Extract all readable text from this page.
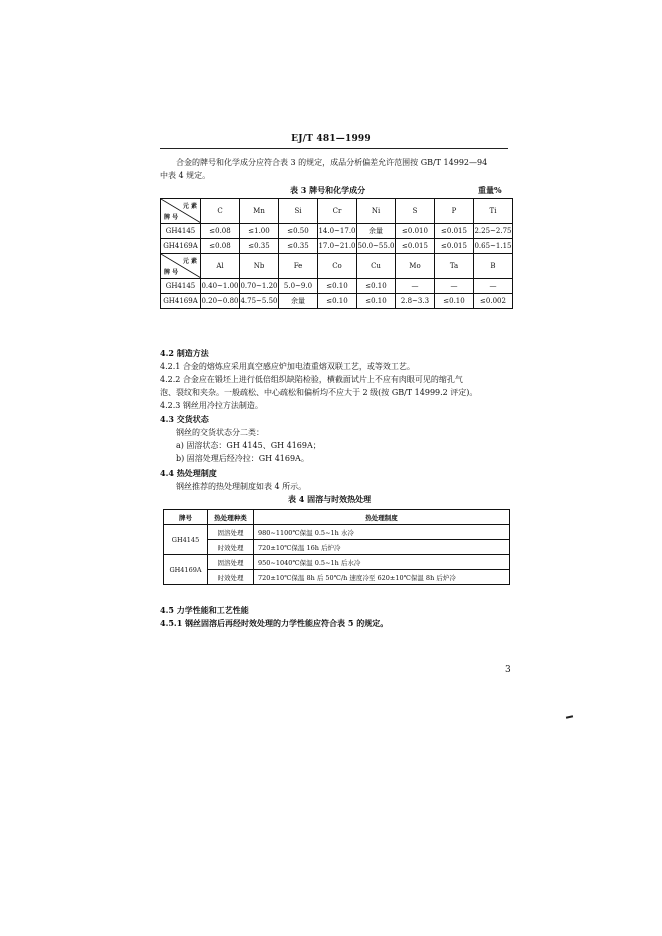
EJ/T 481—1999
合金的牌号和化学成分应符合表 3 的规定，成品分析偏差允许范围按 GB/T 14992—94
中表 4 规定。
表 3 牌号和化学成分	重量%
元 素
牌 号	C	Mn	Si	Cr	Ni	S	P	Ti
GH4145	≤0.08	≤1.00	≤0.50	14.0~17.0	余量	≤0.010	≤0.015	2.25~2.75
GH4169A	≤0.08	≤0.35	≤0.35	17.0~21.0	50.0~55.0	≤0.015	≤0.015	0.65~1.15

元 素
牌 号	Al	Nb	Fe	Co	Cu	Mo	Ta	B
GH4145	0.40~1.00	0.70~1.20	5.0~9.0	≤0.10	≤0.10	—	—	—
GH4169A	0.20~0.80	4.75~5.50	余量	≤0.10	≤0.10	2.8~3.3	≤0.10	≤0.002
4.2 制造方法
4.2.1 合金的熔炼应采用真空感应炉加电渣重熔双联工艺，或等效工艺。
4.2.2 合金应在锻坯上进行低倍组织缺陷检验，横截面试片上不应有肉眼可见的缩孔气
泡、裂纹和夹杂。一般疏松、中心疏松和偏析均不应大于 2 级(按 GB/T 14999.2 评定)。
4.2.3 钢丝用冷拉方法制造。
4.3 交货状态
钢丝的交货状态分二类：
a) 固溶状态：GH 4145、GH 4169A；
b) 固溶处理后经冷拉：GH 4169A。
4.4 热处理制度
钢丝推荐的热处理制度如表 4 所示。
表 4 固溶与时效热处理
牌号	热处理种类	热处理制度
GH4145	固溶处理	980~1100℃保温 0.5~1h 水冷
	时效处理	720±10℃保温 16h 后炉冷
GH4169A	固溶处理	950~1040℃保温 0.5~1h 后水冷
	时效处理	720±10℃保温 8h 后 50℃/h 速度冷至 620±10℃保温 8h 后炉冷
4.5 力学性能和工艺性能
4.5.1 钢丝固溶后再经时效处理的力学性能应符合表 5 的规定。
3
